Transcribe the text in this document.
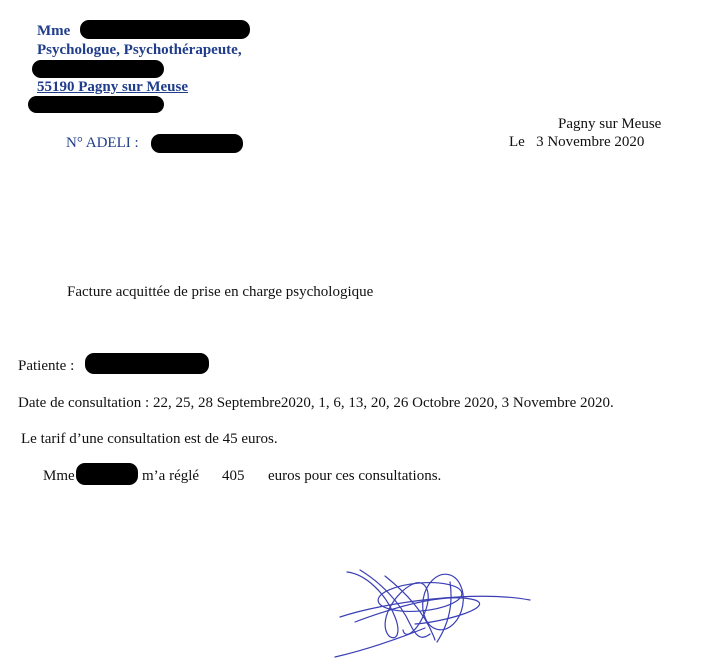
Mme
Psychologue, Psychothérapeute,
55190 Pagny sur Meuse
N° ADELI :
Pagny sur Meuse
Le   3 Novembre 2020
Facture acquittée de prise en charge psychologique
Patiente :
Date de consultation : 22, 25, 28 Septembre2020, 1, 6, 13, 20, 26 Octobre 2020, 3 Novembre 2020.
Le tarif d’une consultation est de 45 euros.
Mme	m’a réglé 405 euros pour ces consultations.
